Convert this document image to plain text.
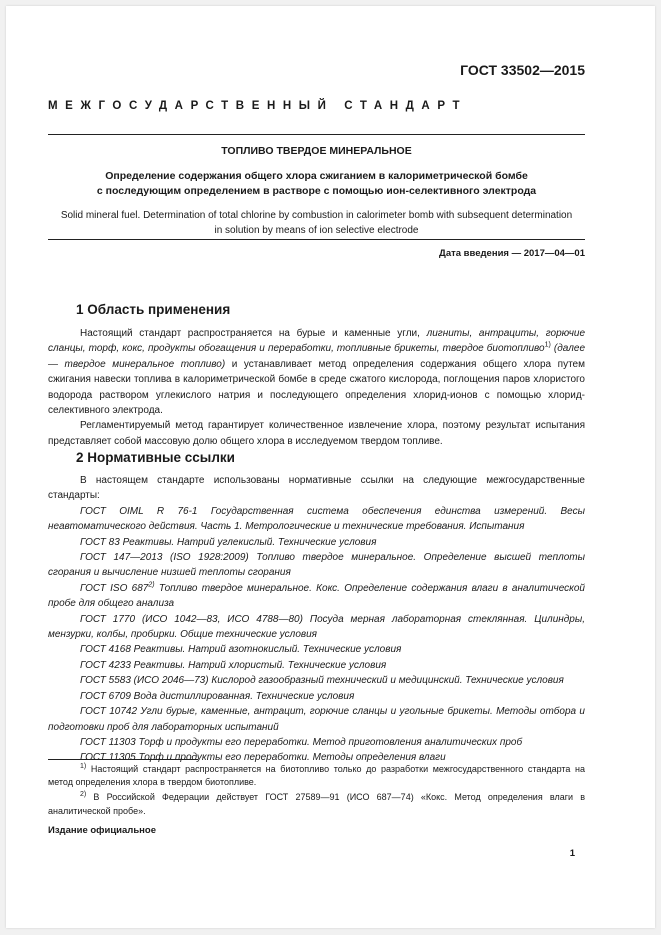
ГОСТ 33502—2015
МЕЖГОСУДАРСТВЕННЫЙ СТАНДАРТ
ТОПЛИВО ТВЕРДОЕ МИНЕРАЛЬНОЕ
Определение содержания общего хлора сжиганием в калориметрической бомбе
с последующим определением в растворе с помощью ион-селективного электрода
Solid mineral fuel. Determination of total chlorine by combustion in calorimeter bomb with subsequent determination
in solution by means of ion selective electrode
Дата введения — 2017—04—01
1 Область применения

Настоящий стандарт распространяется на бурые и каменные угли, лигниты, антрациты, горючие сланцы, торф, кокс, продукты обогащения и переработки, топливные брикеты, твердое биотопливо$^{1)}$ (далее — твердое минеральное топливо) и устанавливает метод определения содержания общего хлора путем сжигания навески топлива в калориметрической бомбе в среде сжатого кислорода, поглощения паров хлористого водорода раствором углекислого натрия и последующего определения хлорид-ионов с помощью хлорид-селективного электрода.

Регламентируемый метод гарантирует количественное извлечение хлора, поэтому результат испытания представляет собой массовую долю общего хлора в исследуемом твердом топливе.

2 Нормативные ссылки

В настоящем стандарте использованы нормативные ссылки на следующие межгосударственные стандарты:

ГОСТ OIML R 76-1 Государственная система обеспечения единства измерений. Весы неавтоматического действия. Часть 1. Метрологические и технические требования. Испытания

ГОСТ 83 Реактивы. Натрий углекислый. Технические условия

ГОСТ 147—2013 (ISO 1928:2009) Топливо твердое минеральное. Определение высшей теплоты сгорания и вычисление низшей теплоты сгорания

ГОСТ ISO 687$^{2)}$ Топливо твердое минеральное. Кокс. Определение содержания влаги в аналитической пробе для общего анализа

ГОСТ 1770 (ИСО 1042—83, ИСО 4788—80) Посуда мерная лабораторная стеклянная. Цилиндры, мензурки, колбы, пробирки. Общие технические условия

ГОСТ 4168 Реактивы. Натрий азотнокислый. Технические условия

ГОСТ 4233 Реактивы. Натрий хлористый. Технические условия

ГОСТ 5583 (ИСО 2046—73) Кислород газообразный технический и медицинский. Технические условия

ГОСТ 6709 Вода дистиллированная. Технические условия

ГОСТ 10742 Угли бурые, каменные, антрацит, горючие сланцы и угольные брикеты. Методы отбора и подготовки проб для лабораторных испытаний

ГОСТ 11303 Торф и продукты его переработки. Метод приготовления аналитических проб

ГОСТ 11305 Торф и продукты его переработки. Методы определения влаги

$^{1)}$ Настоящий стандарт распространяется на биотопливо только до разработки межгосударственного стандарта на метод определения хлора в твердом биотопливе.

$^{2)}$ В Российской Федерации действует ГОСТ 27589—91 (ИСО 687—74) «Кокс. Метод определения влаги в аналитической пробе».

Издание официальное
1
